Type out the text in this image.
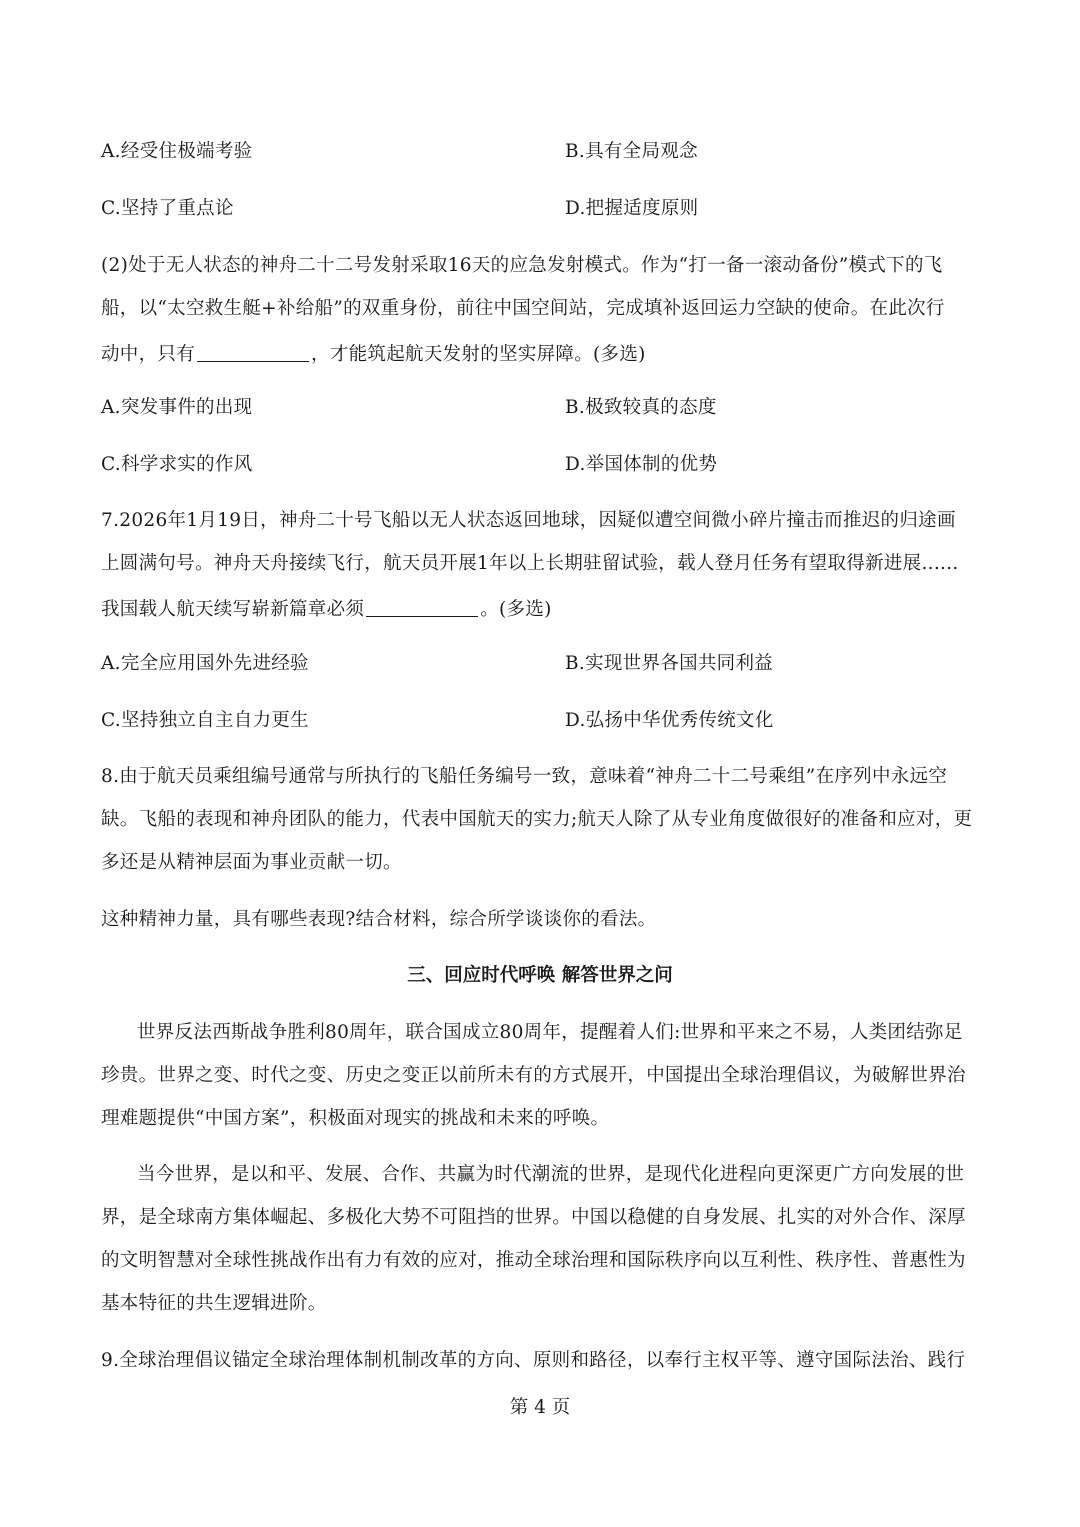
A.经受住极端考验	B.具有全局观念
C.坚持了重点论	D.把握适度原则
(2)处于无人状态的神舟二十二号发射采取16天的应急发射模式。作为“打一备一滚动备份”模式下的飞
船，以“太空救生艇+补给船”的双重身份，前往中国空间站，完成填补返回运力空缺的使命。在此次行
动中，只有	，才能筑起航天发射的坚实屏障。(多选)
A.突发事件的出现	B.极致较真的态度
C.科学求实的作风	D.举国体制的优势
7.2026年1月19日，神舟二十号飞船以无人状态返回地球，因疑似遭空间微小碎片撞击而推迟的归途画
上圆满句号。神舟天舟接续飞行，航天员开展1年以上长期驻留试验，载人登月任务有望取得新进展......
我国载人航天续写崭新篇章必须	。(多选)
A.完全应用国外先进经验	B.实现世界各国共同利益
C.坚持独立自主自力更生	D.弘扬中华优秀传统文化
8.由于航天员乘组编号通常与所执行的飞船任务编号一致，意味着“神舟二十二号乘组”在序列中永远空
缺。飞船的表现和神舟团队的能力，代表中国航天的实力;航天人除了从专业角度做很好的准备和应对，更
多还是从精神层面为事业贡献一切。
这种精神力量，具有哪些表现?结合材料，综合所学谈谈你的看法。
三、回应时代呼唤 解答世界之问
世界反法西斯战争胜利80周年，联合国成立80周年，提醒着人们:世界和平来之不易，人类团结弥足
珍贵。世界之变、时代之变、历史之变正以前所未有的方式展开，中国提出全球治理倡议，为破解世界治
理难题提供“中国方案”，积极面对现实的挑战和未来的呼唤。
当今世界，是以和平、发展、合作、共赢为时代潮流的世界，是现代化进程向更深更广方向发展的世
界，是全球南方集体崛起、多极化大势不可阻挡的世界。中国以稳健的自身发展、扎实的对外合作、深厚
的文明智慧对全球性挑战作出有力有效的应对，推动全球治理和国际秩序向以互利性、秩序性、普惠性为
基本特征的共生逻辑进阶。
9.全球治理倡议锚定全球治理体制机制改革的方向、原则和路径，以奉行主权平等、遵守国际法治、践行
第 4 页
